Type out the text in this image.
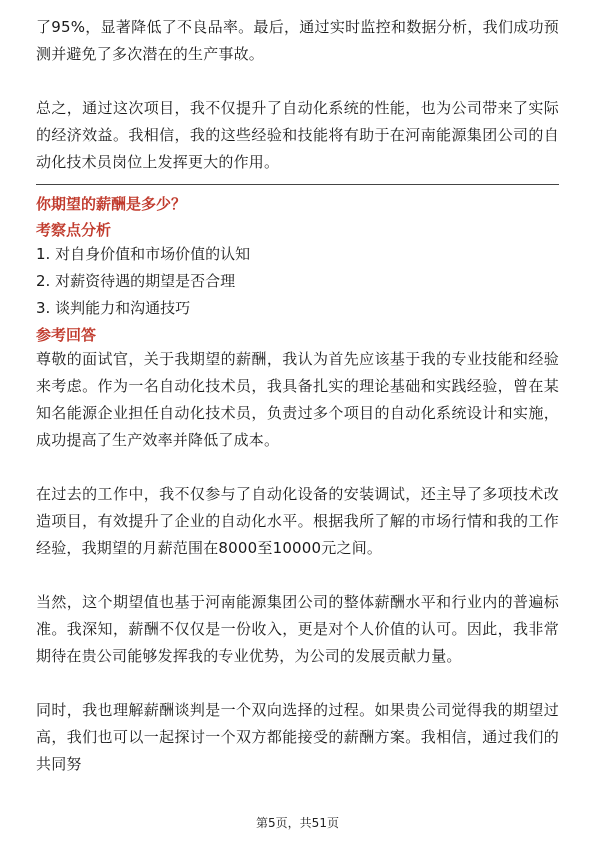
了95%，显著降低了不良品率。最后，通过实时监控和数据分析，我们成功预测并避免了多次潜在的生产事故。

总之，通过这次项目，我不仅提升了自动化系统的性能，也为公司带来了实际的经济效益。我相信，我的这些经验和技能将有助于在河南能源集团公司的自动化技术员岗位上发挥更大的作用。

你期望的薪酬是多少？
考察点分析
1. 对自身价值和市场价值的认知
2. 对薪资待遇的期望是否合理
3. 谈判能力和沟通技巧
参考回答

尊敬的面试官，关于我期望的薪酬，我认为首先应该基于我的专业技能和经验来考虑。作为一名自动化技术员，我具备扎实的理论基础和实践经验，曾在某知名能源企业担任自动化技术员，负责过多个项目的自动化系统设计和实施，成功提高了生产效率并降低了成本。

在过去的工作中，我不仅参与了自动化设备的安装调试，还主导了多项技术改造项目，有效提升了企业的自动化水平。根据我所了解的市场行情和我的工作经验，我期望的月薪范围在8000至10000元之间。

当然，这个期望值也基于河南能源集团公司的整体薪酬水平和行业内的普遍标准。我深知，薪酬不仅仅是一份收入，更是对个人价值的认可。因此，我非常期待在贵公司能够发挥我的专业优势，为公司的发展贡献力量。

同时，我也理解薪酬谈判是一个双向选择的过程。如果贵公司觉得我的期望过高，我们也可以一起探讨一个双方都能接受的薪酬方案。我相信，通过我们的共同努

第5页，共51页
